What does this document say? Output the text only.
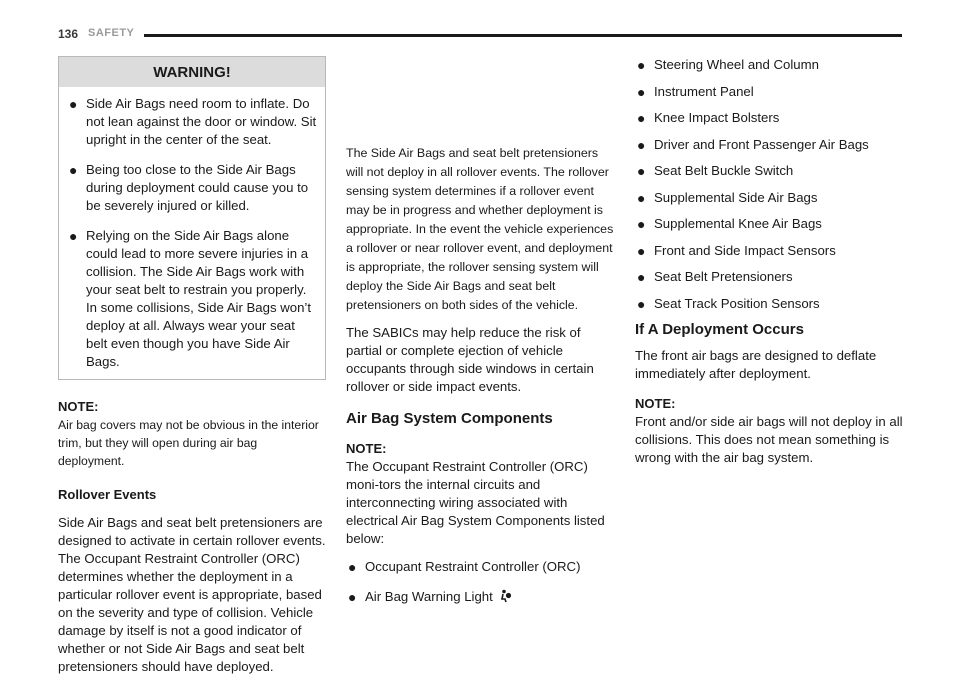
136 SAFETY
WARNING!
● Side Air Bags need room to inflate. Do not lean against the door or window. Sit upright in the center of the seat.
● Being too close to the Side Air Bags during deployment could cause you to be severely injured or killed.
● Relying on the Side Air Bags alone could lead to more severe injuries in a collision. The Side Air Bags work with your seat belt to restrain you properly. In some collisions, Side Air Bags won’t deploy at all. Always wear your seat belt even though you have Side Air Bags.
NOTE:
Air bag covers may not be obvious in the interior trim, but they will open during air bag deployment.
Rollover Events
Side Air Bags and seat belt pretensioners are designed to activate in certain rollover events. The Occupant Restraint Controller (ORC) determines whether the deployment in a particular rollover event is appropriate, based on the severity and type of collision. Vehicle damage by itself is not a good indicator of whether or not Side Air Bags and seat belt pretensioners should have deployed.
The Side Air Bags and seat belt pretensioners will not deploy in all rollover events. The rollover sensing system determines if a rollover event may be in progress and whether deployment is appropriate. In the event the vehicle experiences a rollover or near rollover event, and deployment is appropriate, the rollover sensing system will deploy the Side Air Bags and seat belt pretensioners on both sides of the vehicle.
The SABICs may help reduce the risk of partial or complete ejection of vehicle occupants through side windows in certain rollover or side impact events.
Air Bag System Components
NOTE:
The Occupant Restraint Controller (ORC) moni-tors the internal circuits and interconnecting wiring associated with electrical Air Bag System Components listed below:
● Occupant Restraint Controller (ORC)
● Air Bag Warning Light
● Steering Wheel and Column
● Instrument Panel
● Knee Impact Bolsters
● Driver and Front Passenger Air Bags
● Seat Belt Buckle Switch
● Supplemental Side Air Bags
● Supplemental Knee Air Bags
● Front and Side Impact Sensors
● Seat Belt Pretensioners
● Seat Track Position Sensors
If A Deployment Occurs
The front air bags are designed to deflate immediately after deployment.
NOTE:
Front and/or side air bags will not deploy in all collisions. This does not mean something is wrong with the air bag system.
